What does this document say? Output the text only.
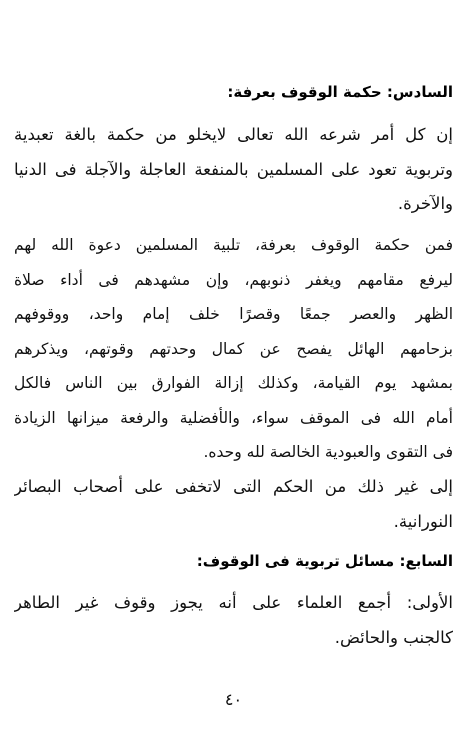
السادس: حكمة الوقوف بعرفة:
إن كل أمر شرعه الله تعالى لايخلو من حكمة بالغة تعبدية
وتربوية تعود على المسلمين بالمنفعة العاجلة والآجلة فى الدنيا
والآخرة.
فمن حكمة الوقوف بعرفة، تلبية المسلمين دعوة الله لهم
ليرفع مقامهم ويغفر ذنوبهم، وإن مشهدهم فى أداء صلاة
الظهر والعصر جمعًا وقصرًا خلف إمام واحد، ووقوفهم
بزحامهم الهائل يفصح عن كمال وحدتهم وقوتهم، ويذكرهم
بمشهد يوم القيامة، وكذلك إزالة الفوارق بين الناس فالكل
أمام الله فى الموقف سواء، والأفضلية والرفعة ميزانها الزيادة
فى التقوى والعبودية الخالصة لله وحده.
إلى غير ذلك من الحكم التى لاتخفى على أصحاب البصائر
النورانية.
السابع: مسائل تربوية فى الوقوف:
الأولى: أجمع العلماء على أنه يجوز وقوف غير الطاهر
كالجنب والحائض.
٤٠
